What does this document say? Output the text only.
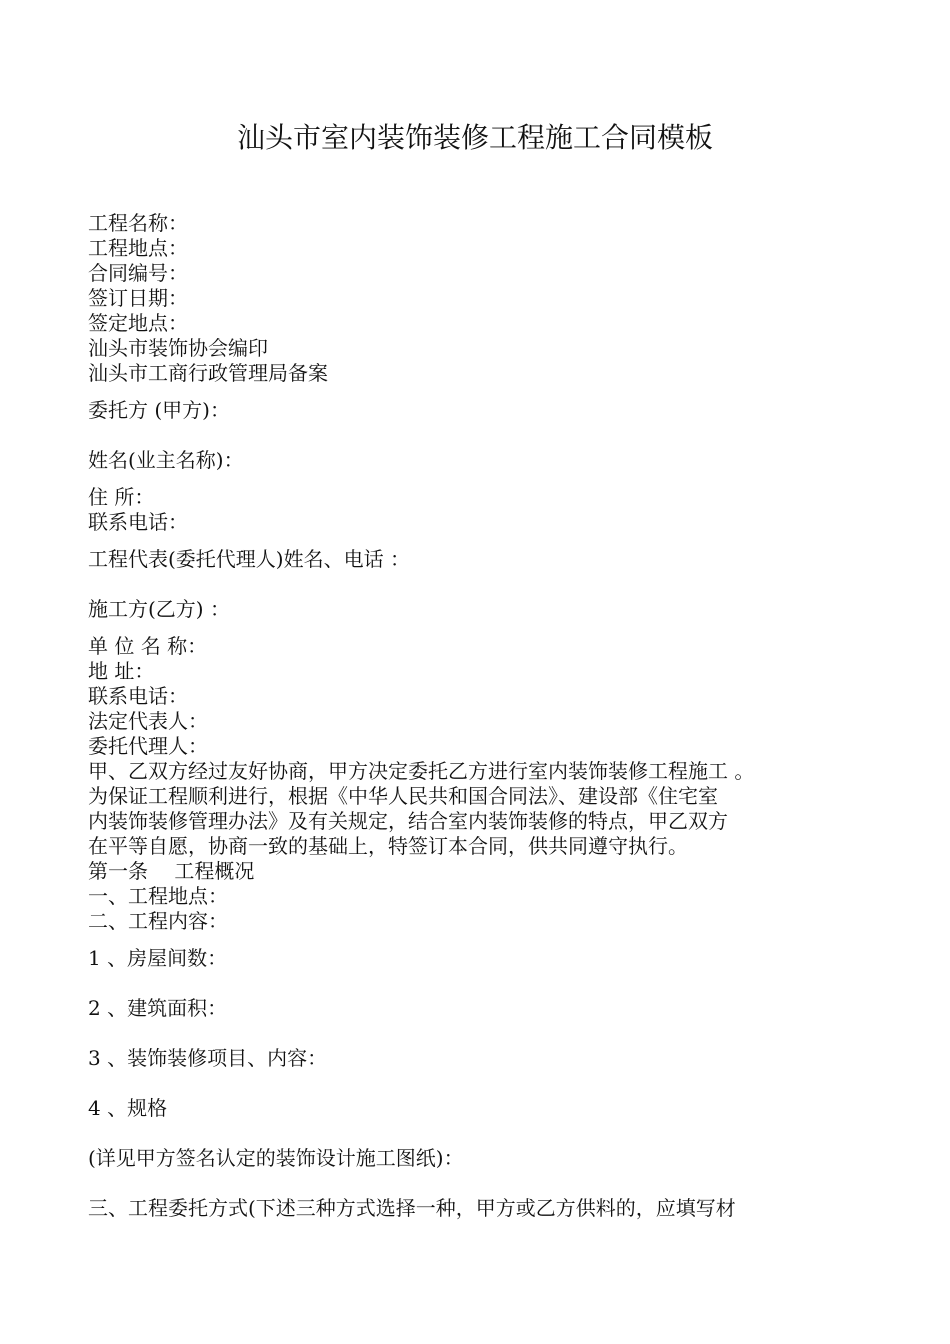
汕头市室内装饰装修工程施工合同模板
工程名称：
工程地点：
合同编号：
签订日期：
签定地点：
汕头市装饰协会编印
汕头市工商行政管理局备案
委托方 (甲方)：
姓名(业主名称)：
住 所：
联系电话：
工程代表(委托代理人)姓名、电话 ：
施工方(乙方) ：
单 位 名 称：
地 址：
联系电话：
法定代表人：
委托代理人：
甲、乙双方经过友好协商，甲方决定委托乙方进行室内装饰装修工程施工 。
为保证工程顺利进行，根据《中华人民共和国合同法》、建设部《住宅室
内装饰装修管理办法》及有关规定，结合室内装饰装修的特点，甲乙双方
在平等自愿，协商一致的基础上，特签订本合同，供共同遵守执行。
第一条　 工程概况
一、工程地点：
二、工程内容：
1 、房屋间数：
2 、建筑面积：
3 、装饰装修项目、内容：
4 、规格
(详见甲方签名认定的装饰设计施工图纸)：
三、工程委托方式(下述三种方式选择一种，甲方或乙方供料的，应填写材
